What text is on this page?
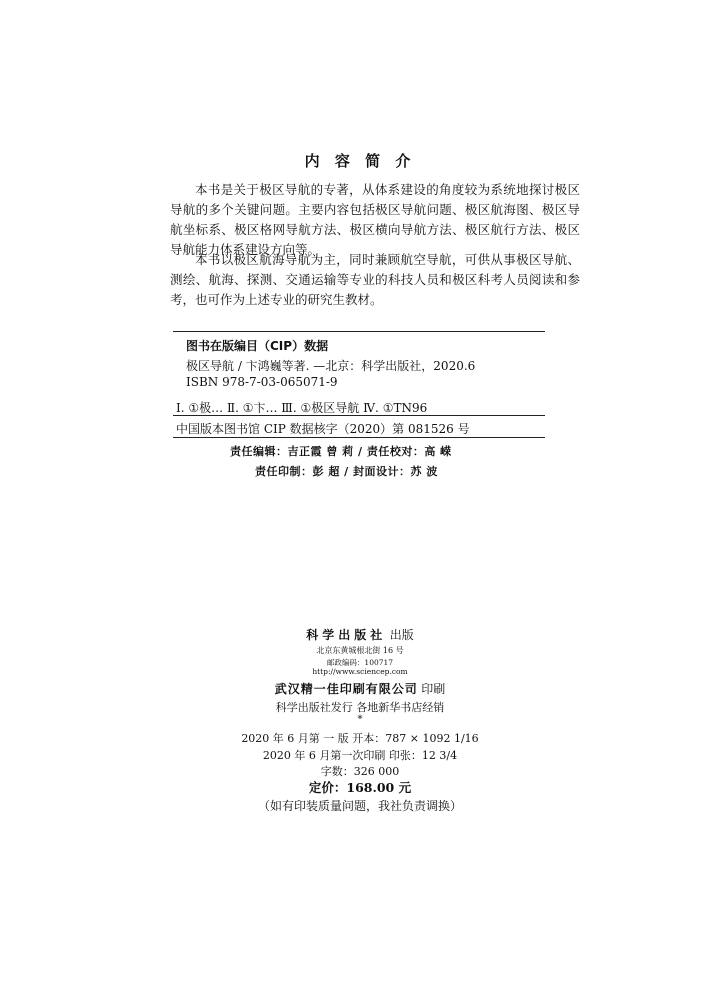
内 容 简 介

本书是关于极区导航的专著，从体系建设的角度较为系统地探讨极区导航的多个关键问题。主要内容包括极区导航问题、极区航海图、极区导航坐标系、极区格网导航方法、极区横向导航方法、极区航行方法、极区导航能力体系建设方向等。

本书以极区航海导航为主，同时兼顾航空导航，可供从事极区导航、测绘、航海、探测、交通运输等专业的科技人员和极区科考人员阅读和参考，也可作为上述专业的研究生教材。

图书在版编目（CIP）数据
极区导航 / 卞鸿巍等著. —北京：科学出版社，2020.6
ISBN 978-7-03-065071-9
Ⅰ. ①极… Ⅱ. ①卞… Ⅲ. ①极区导航 Ⅳ. ①TN96
中国版本图书馆 CIP 数据核字（2020）第 081526 号
责任编辑：吉正霞 曾 莉 / 责任校对：高 嵘
责任印制：彭 超 / 封面设计：苏 波
科学出版社 出版
北京东黄城根北街 16 号
邮政编码：100717
http://www.sciencep.com
武汉精一佳印刷有限公司 印刷
科学出版社发行 各地新华书店经销
*
2020 年 6 月第 一 版 开本：787 × 1092 1/16
2020 年 6 月第一次印刷 印张：12 3/4
字数：326 000
定价：168.00 元
（如有印装质量问题，我社负责调换）
